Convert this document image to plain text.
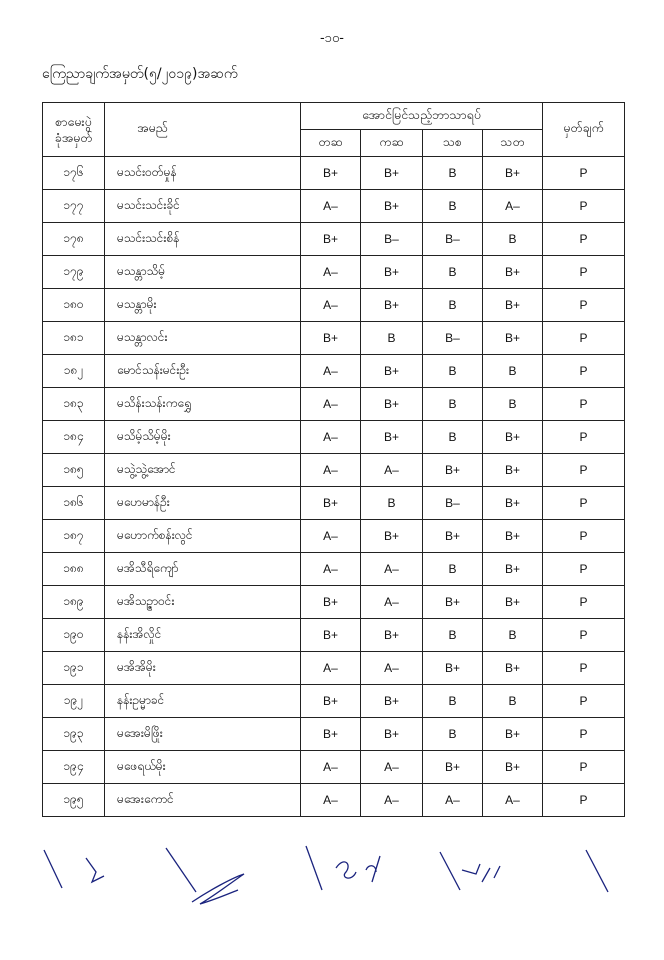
-၁၀-
ကြေညာချက်အမှတ်(၅/၂၀၁၉)အဆက်
စာမေးပွဲ
ခုံအမှတ်	အမည်	အောင်မြင်သည့်ဘာသာရပ်				မှတ်ချက်
		တဆ	ကဆ	သစ	သတ	
၁၇၆	မသင်းဝတ်မှုန်	B+	B+	B	B+	P
၁၇၇	မသင်းသင်းခိုင်	A–	B+	B	A–	P
၁၇၈	မသင်းသင်းစိန်	B+	B–	B–	B	P
၁၇၉	မသန္တာသိမ့်	A–	B+	B	B+	P
၁၈၀	မသန္တာမိုး	A–	B+	B	B+	P
၁၈၁	မသန္တာလင်း	B+	B	B–	B+	P
၁၈၂	မောင်သန်းမင်းဦး	A–	B+	B	B	P
၁၈၃	မသိန်းသန်းကရွှေ	A–	B+	B	B	P
၁၈၄	မသိမ့်သိမ့်မိုး	A–	B+	B	B+	P
၁၈၅	မသွဲ့သွဲ့အောင်	A–	A–	B+	B+	P
၁၈၆	မဟေမာန်ဦး	B+	B	B–	B+	P
၁၈၇	မဟောက်စန်းလွင်	A–	B+	B+	B+	P
၁၈၈	မအိသီရိကျော်	A–	A–	B	B+	P
၁၈၉	မအိသဉ္ဇာဝင်း	B+	A–	B+	B+	P
၁၉၀	နန်းအိလှိုင်	B+	B+	B	B	P
၁၉၁	မအိအိမိုး	A–	A–	B+	B+	P
၁၉၂	နန်းဥမ္မာခင်	B+	B+	B	B	P
၁၉၃	မအေးမိဖြိုး	B+	B+	B	B+	P
၁၉၄	မဖေရယ်မိုး	A–	A–	B+	B+	P
၁၉၅	မအေးကောင်	A–	A–	A–	A–	P
